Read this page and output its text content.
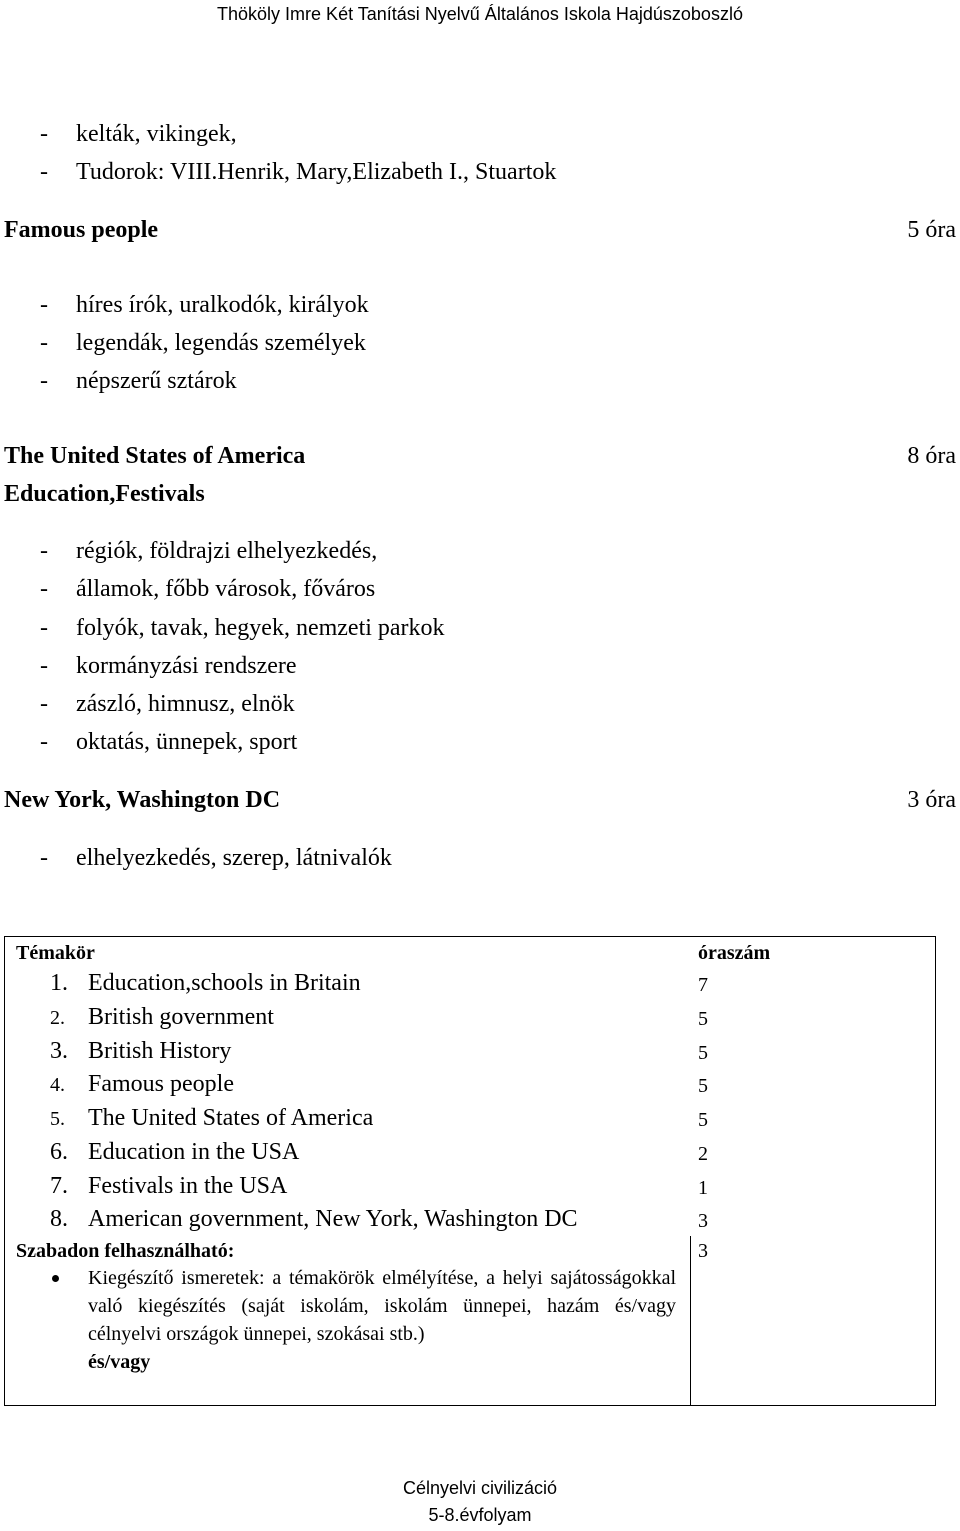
Thököly Imre Két Tanítási Nyelvű Általános Iskola Hajdúszoboszló
- kelták, vikingek,
- Tudorok: VIII.Henrik, Mary,Elizabeth I., Stuartok
Famous people	5 óra
- híres írók, uralkodók, királyok
- legendák, legendás személyek
- népszerű sztárok
The United States of America	8 óra
Education,Festivals
- régiók, földrajzi elhelyezkedés,
- államok, főbb városok, főváros
- folyók, tavak, hegyek, nemzeti parkok
- kormányzási rendszere
- zászló, himnusz, elnök
- oktatás, ünnepek, sport
New York, Washington DC	3 óra
- elhelyezkedés, szerep, látnivalók
Témakör	óraszám
1. Education,schools in Britain	7
2. British government	5
3. British History	5
4. Famous people	5
5. The United States of America	5
6. Education in the USA	2
7. Festivals in the USA	1
8. American government, New York, Washington DC	3
Szabadon felhasználható:	3
Kiegészítő ismeretek: a témakörök elmélyítése, a helyi sajátosságokkal való kiegészítés (saját iskolám, iskolám ünnepei, hazám és/vagy célnyelvi országok ünnepei, szokásai stb.)
és/vagy
Célnyelvi civilizáció
5-8.évfolyam
